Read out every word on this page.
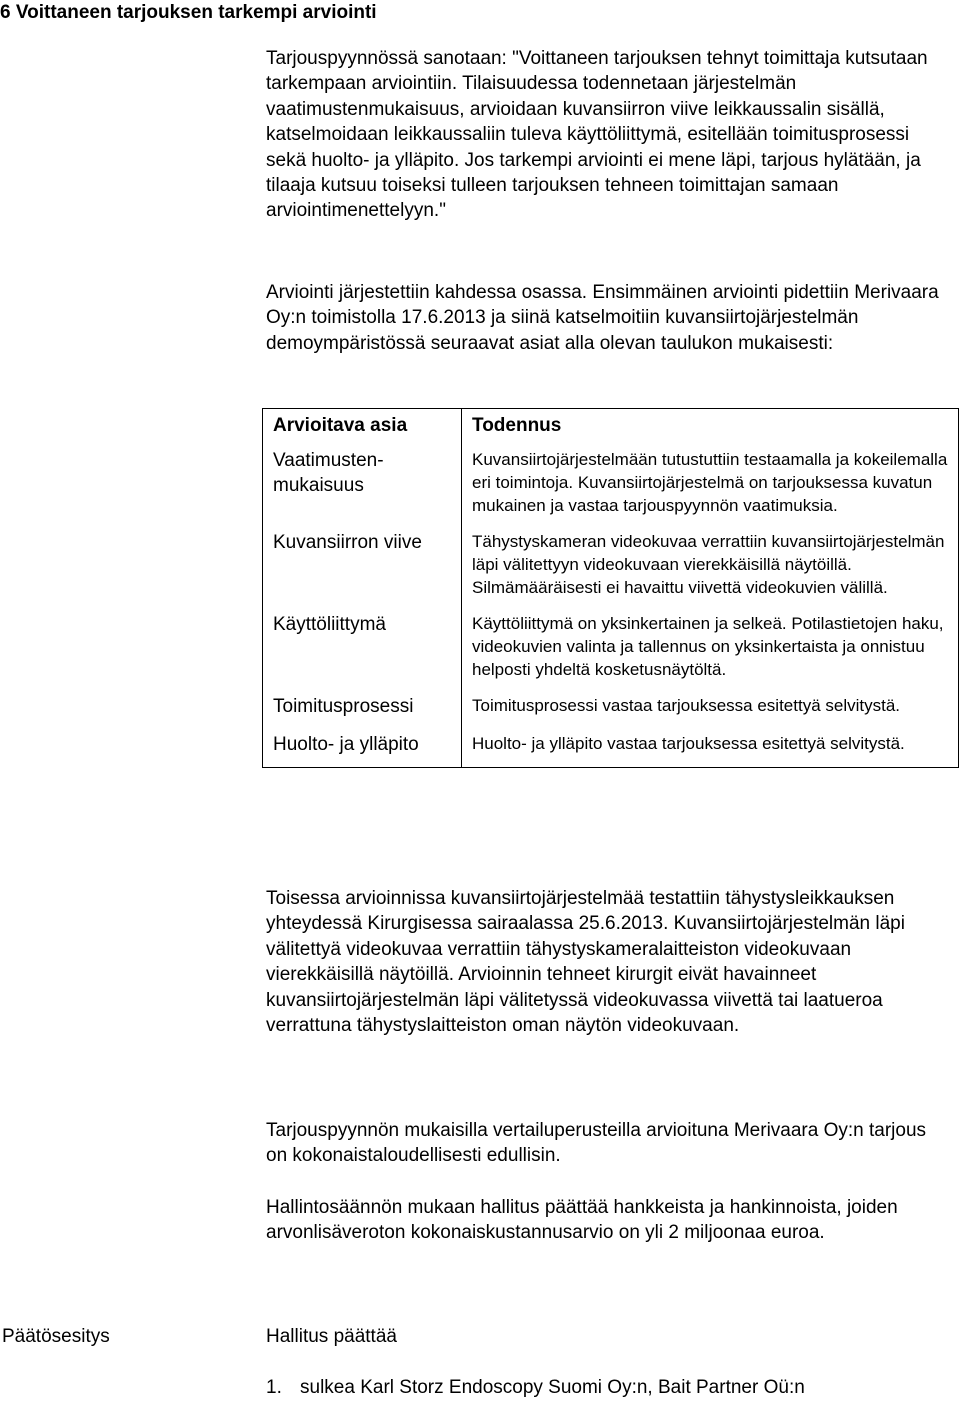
6 Voittaneen tarjouksen tarkempi arviointi

Tarjouspyynnössä sanotaan: "Voittaneen tarjouksen tehnyt toimittaja kutsutaan tarkempaan arviointiin. Tilaisuudessa todennetaan järjestelmän vaatimustenmukaisuus, arvioidaan kuvansiirron viive leikkaussalin sisällä, katselmoidaan leikkaussaliin tuleva käyttöliittymä, esitellään toimitusprosessi sekä huolto- ja ylläpito. Jos tarkempi arviointi ei mene läpi, tarjous hylätään, ja tilaaja kutsuu toiseksi tulleen tarjouksen tehneen toimittajan samaan arviointimenettelyyn."

Arviointi järjestettiin kahdessa osassa. Ensimmäinen arviointi pidettiin Merivaara Oy:n toimistolla 17.6.2013 ja siinä katselmoitiin kuvansiirtojärjestelmän demoympäristössä seuraavat asiat alla olevan taulukon mukaisesti:

Arvioitava asia	Todennus
Vaatimusten-mukaisuus	Kuvansiirtojärjestelmään tutustuttiin testaamalla ja kokeilemalla eri toimintoja. Kuvansiirtojärjestelmä on tarjouksessa kuvatun mukainen ja vastaa tarjouspyynnön vaatimuksia.
Kuvansiirron viive	Tähystyskameran videokuvaa verrattiin kuvansiirtojärjestelmän läpi välitettyyn videokuvaan vierekkäisillä näytöillä. Silmämääräisesti ei havaittu viivettä videokuvien välillä.
Käyttöliittymä	Käyttöliittymä on yksinkertainen ja selkeä. Potilastietojen haku, videokuvien valinta ja tallennus on yksinkertaista ja onnistuu helposti yhdeltä kosketusnäytöltä.
Toimitusprosessi	Toimitusprosessi vastaa tarjouksessa esitettyä selvitystä.
Huolto- ja ylläpito	Huolto- ja ylläpito vastaa tarjouksessa esitettyä selvitystä.

Toisessa arvioinnissa kuvansiirtojärjestelmää testattiin tähystysleikkauksen yhteydessä Kirurgisessa sairaalassa 25.6.2013. Kuvansiirtojärjestelmän läpi välitettyä videokuvaa verrattiin tähystyskameralaitteiston videokuvaan vierekkäisillä näytöillä. Arvioinnin tehneet kirurgit eivät havainneet kuvansiirtojärjestelmän läpi välitetyssä videokuvassa viivettä tai laatueroa verrattuna tähystyslaitteiston oman näytön videokuvaan.

Tarjouspyynnön mukaisilla vertailuperusteilla arvioituna Merivaara Oy:n tarjous on kokonaistaloudellisesti edullisin.

Hallintosäännön mukaan hallitus päättää hankkeista ja hankinnoista, joiden arvonlisäveroton kokonaiskustannusarvio on yli 2 miljoonaa euroa.

Päätösesitys	Hallitus päättää

1. sulkea Karl Storz Endoscopy Suomi Oy:n, Bait Partner Oü:n
